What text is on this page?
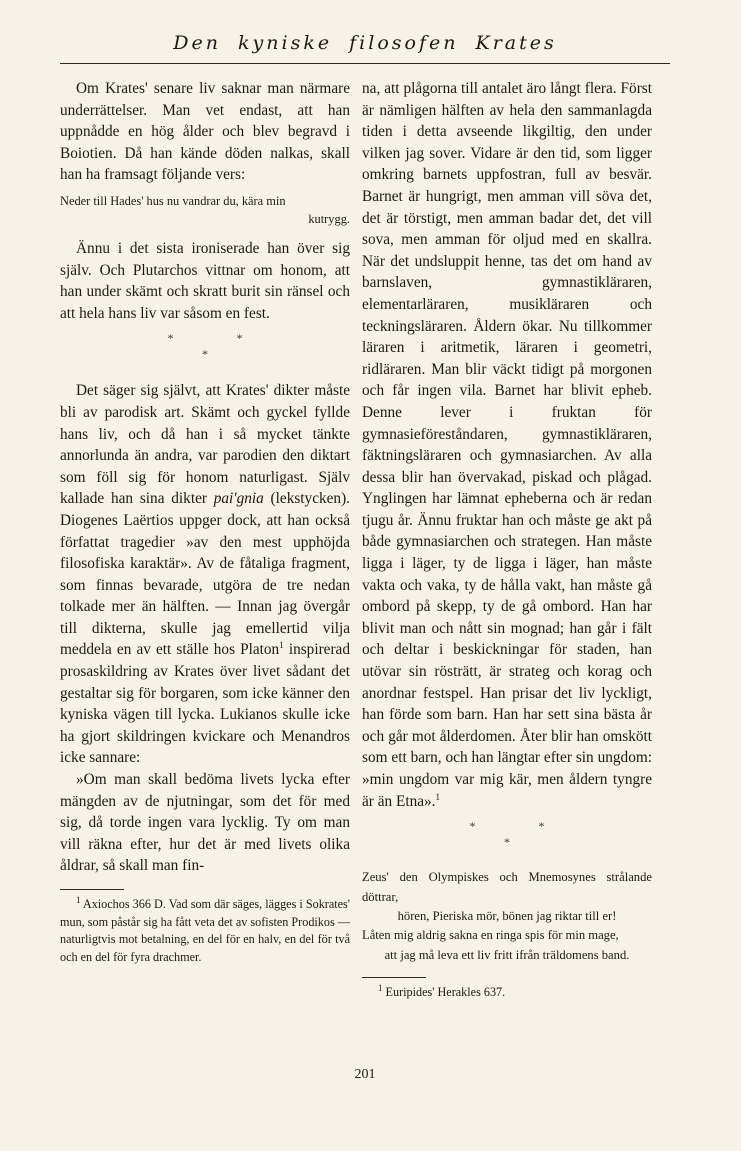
Den kyniske filosofen Krates

Om Krates' senare liv saknar man närmare underrättelser. Man vet endast, att han uppnådde en hög ålder och blev begravd i Boiotien. Då han kände döden nalkas, skall han ha framsagt följande vers:

Neder till Hades' hus nu vandrar du, kära min
kutrygg.

Ännu i det sista ironiserade han över sig själv. Och Plutarchos vittnar om honom, att han under skämt och skratt burit sin ränsel och att hela hans liv var såsom en fest.

* *
*

Det säger sig självt, att Krates' dikter måste bli av parodisk art. Skämt och gyckel fyllde hans liv, och då han i så mycket tänkte annorlunda än andra, var parodien den diktart som föll sig för honom naturligast. Själv kallade han sina dikter pai'gnia (lekstycken). Diogenes Laërtios uppger dock, att han också författat tragedier »av den mest upphöjda filosofiska karaktär». Av de fåtaliga fragment, som finnas bevarade, utgöra de tre nedan tolkade mer än hälften. — Innan jag övergår till dikterna, skulle jag emellertid vilja meddela en av ett ställe hos Platon$^1$ inspirerad prosaskildring av Krates över livet sådant det gestaltar sig för borgaren, som icke känner den kyniska vägen till lycka. Lukianos skulle icke ha gjort skildringen kvickare och Menandros icke sannare:

»Om man skall bedöma livets lycka efter mängden av de njutningar, som det för med sig, då torde ingen vara lycklig. Ty om man vill räkna efter, hur det är med livets olika åldrar, så skall man fin-

$^1$ Axiochos 366 D. Vad som där säges, lägges i Sokrates' mun, som påstår sig ha fått veta det av sofisten Prodikos — naturligtvis mot betalning, en del för en halv, en del för två och en del för fyra drachmer.

na, att plågorna till antalet äro långt flera. Först är nämligen hälften av hela den sammanlagda tiden i detta avseende likgiltig, den under vilken jag sover. Vidare är den tid, som ligger omkring barnets uppfostran, full av besvär. Barnet är hungrigt, men amman vill söva det, det är törstigt, men amman badar det, det vill sova, men amman för oljud med en skallra. När det undsluppit henne, tas det om hand av barnslaven, gymnastikläraren, elementarläraren, musikläraren och teckningsläraren. Åldern ökar. Nu tillkommer läraren i aritmetik, läraren i geometri, ridläraren. Man blir väckt tidigt på morgonen och får ingen vila. Barnet har blivit epheb. Denne lever i fruktan för gymnasieföreståndaren, gymnastikläraren, fäktningsläraren och gymnasiarchen. Av alla dessa blir han övervakad, piskad och plågad. Ynglingen har lämnat epheberna och är redan tjugu år. Ännu fruktar han och måste ge akt på både gymnasiarchen och strategen. Han måste ligga i läger, ty de ligga i läger, han måste vakta och vaka, ty de hålla vakt, han måste gå ombord på skepp, ty de gå ombord. Han har blivit man och nått sin mognad; han går i fält och deltar i beskickningar för staden, han utövar sin rösträtt, är strateg och korag och anordnar festspel. Han prisar det liv lyckligt, han förde som barn. Han har sett sina bästa år och går mot ålderdomen. Åter blir han omskött som ett barn, och han längtar efter sin ungdom: »min ungdom var mig kär, men åldern tyngre är än Etna».$^1$

* *
*
Zeus' den Olympiskes och Mnemosynes strålande döttrar,
hören, Pieriska mör, bönen jag riktar till er!
Låten mig aldrig sakna en ringa spis för min mage,
att jag må leva ett liv fritt ifrån träldomens band.

$^1$ Euripides' Herakles 637.

201
